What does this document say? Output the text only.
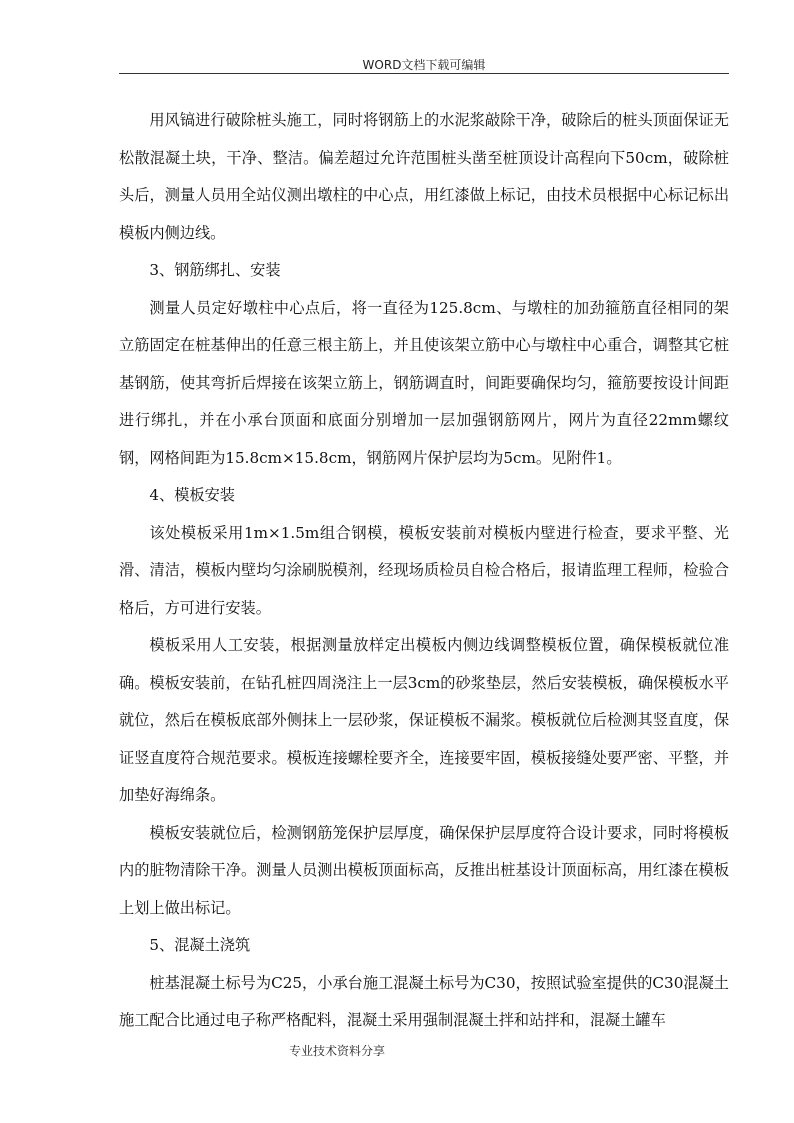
WORD文档下载可编辑

用风镐进行破除桩头施工，同时将钢筋上的水泥浆敲除干净，破除后的桩头顶面保证无松散混凝土块，干净、整洁。偏差超过允许范围桩头凿至桩顶设计高程向下50cm，破除桩头后，测量人员用全站仪测出墩柱的中心点，用红漆做上标记，由技术员根据中心标记标出模板内侧边线。

3、钢筋绑扎、安装

测量人员定好墩柱中心点后，将一直径为125.8cm、与墩柱的加劲箍筋直径相同的架立筋固定在桩基伸出的任意三根主筋上，并且使该架立筋中心与墩柱中心重合，调整其它桩基钢筋，使其弯折后焊接在该架立筋上，钢筋调直时，间距要确保均匀，箍筋要按设计间距进行绑扎，并在小承台顶面和底面分别增加一层加强钢筋网片，网片为直径22mm螺纹钢，网格间距为15.8cm×15.8cm，钢筋网片保护层均为5cm。见附件1。

4、模板安装

该处模板采用1m×1.5m组合钢模，模板安装前对模板内壁进行检查，要求平整、光滑、清洁，模板内壁均匀涂刷脱模剂，经现场质检员自检合格后，报请监理工程师，检验合格后，方可进行安装。

模板采用人工安装，根据测量放样定出模板内侧边线调整模板位置，确保模板就位准确。模板安装前，在钻孔桩四周浇注上一层3cm的砂浆垫层，然后安装模板，确保模板水平就位，然后在模板底部外侧抹上一层砂浆，保证模板不漏浆。模板就位后检测其竖直度，保证竖直度符合规范要求。模板连接螺栓要齐全，连接要牢固，模板接缝处要严密、平整，并加垫好海绵条。

模板安装就位后，检测钢筋笼保护层厚度，确保保护层厚度符合设计要求，同时将模板内的脏物清除干净。测量人员测出模板顶面标高，反推出桩基设计顶面标高，用红漆在模板上划上做出标记。

5、混凝土浇筑

桩基混凝土标号为C25，小承台施工混凝土标号为C30，按照试验室提供的C30混凝土施工配合比通过电子称严格配料，混凝土采用强制混凝土拌和站拌和，混凝土罐车

专业技术资料分享
